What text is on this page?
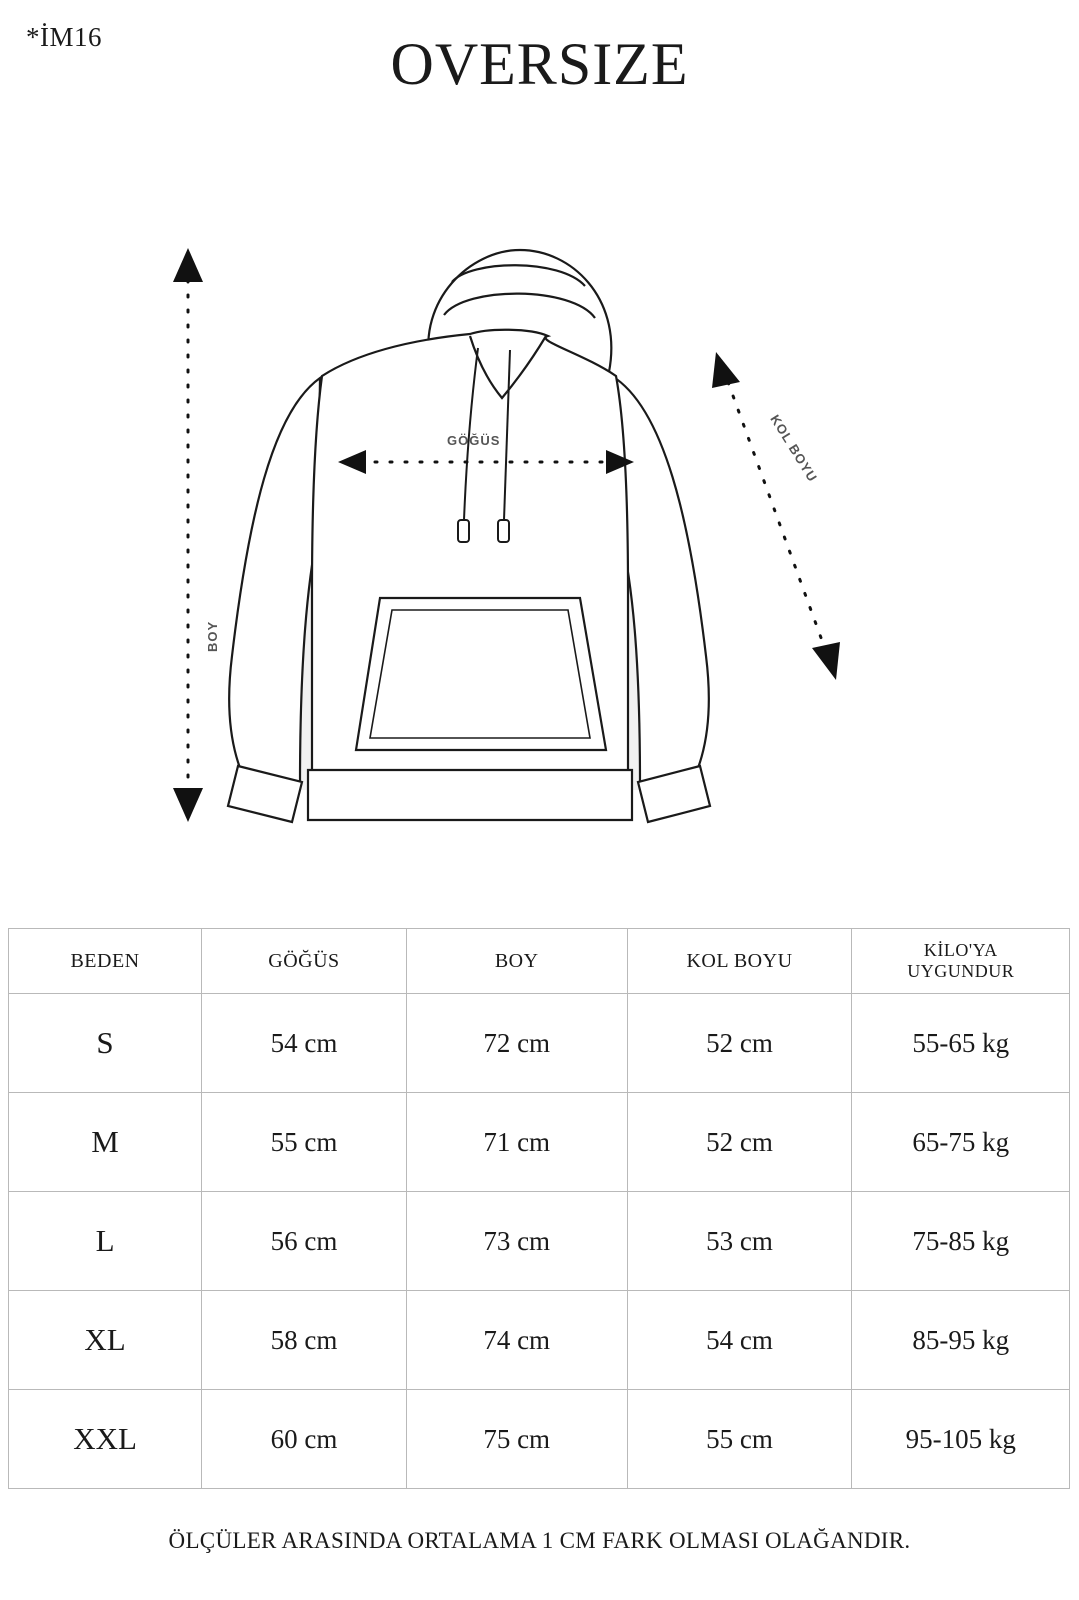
*İM16	OVERSIZE
GÖĞÜS
BOY
KOL BOYU
BEDEN	GÖĞÜS	BOY	KOL BOYU	KİLO'YA
UYGUNDUR

S	54 cm	72 cm	52 cm	55-65 kg
M	55 cm	71 cm	52 cm	65-75 kg
L	56 cm	73 cm	53 cm	75-85 kg
XL	58 cm	74 cm	54 cm	85-95 kg
XXL	60 cm	75 cm	55 cm	95-105 kg
ÖLÇÜLER ARASINDA ORTALAMA 1 CM FARK OLMASI OLAĞANDIR.
